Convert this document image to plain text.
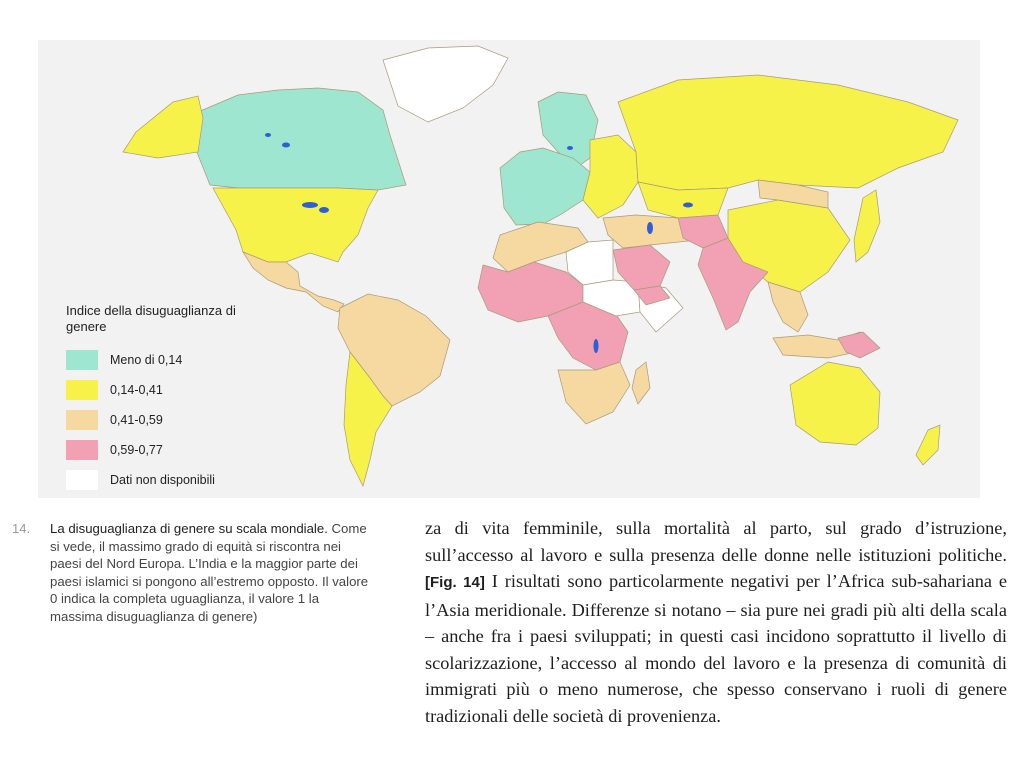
Indice della disuguaglianza di genere
Meno di 0,14
0,14-0,41
0,41-0,59
0,59-0,77
Dati non disponibili
14. La disuguaglianza di genere su scala mondiale. Come si vede, il massimo grado di equità si riscontra nei paesi del Nord Europa. L’India e la maggior parte dei paesi islamici si pongono all’estremo opposto. Il valore 0 indica la completa uguaglianza, il valore 1 la massima disuguaglianza di genere)
za di vita femminile, sulla mortalità al parto, sul grado d’istruzione, sull’accesso al lavoro e sulla presenza delle donne nelle istituzioni politiche. [Fig. 14] I risultati sono particolarmente negativi per l’Africa sub-sahariana e l’Asia meridionale. Differenze si notano – sia pure nei gradi più alti della scala – anche fra i paesi sviluppati; in questi casi incidono soprattutto il livello di scolarizzazione, l’accesso al mondo del lavoro e la presenza di comunità di immigrati più o meno numerose, che spesso conservano i ruoli di genere tradizionali delle società di provenienza.
